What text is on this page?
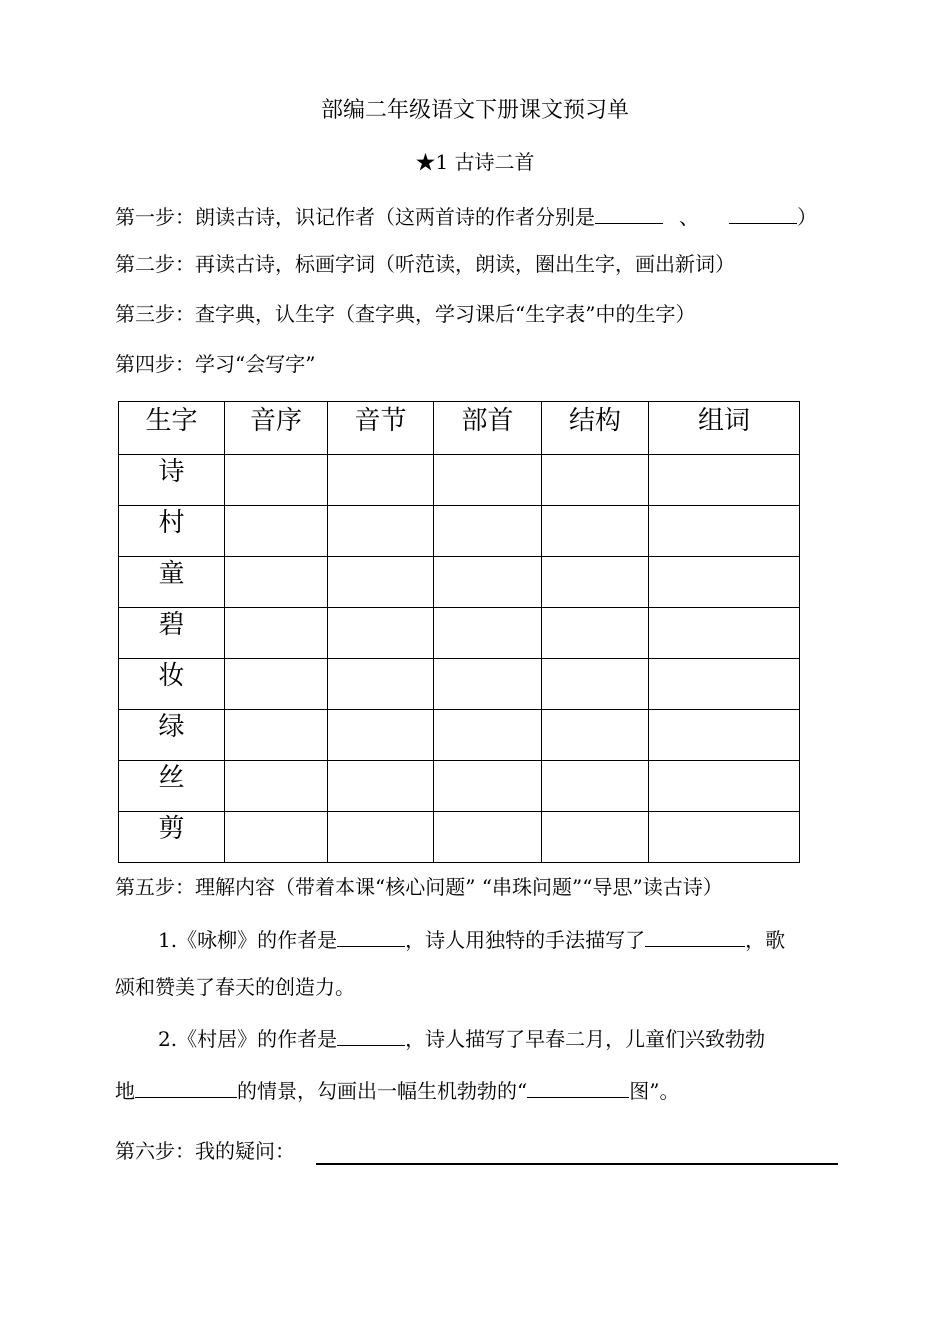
部编二年级语文下册课文预习单
★1 古诗二首
第一步：朗读古诗，识记作者（这两首诗的作者分别是	、	）
第二步：再读古诗，标画字词（听范读，朗读，圈出生字，画出新词）
第三步：查字典，认生字（查字典，学习课后“生字表”中的生字）
第四步：学习“会写字”
生字	音序	音节	部首	结构	组词
诗					
村					
童					
碧					
妆					
绿					
丝					
剪					
第五步：理解内容（带着本课“核心问题” “串珠问题”“导思”读古诗）
1.《咏柳》的作者是	，诗人用独特的手法描写了	，歌
颂和赞美了春天的创造力。
2.《村居》的作者是	，诗人描写了早春二月，儿童们兴致勃勃
地	的情景，勾画出一幅生机勃勃的“	图”。
第六步：我的疑问：
